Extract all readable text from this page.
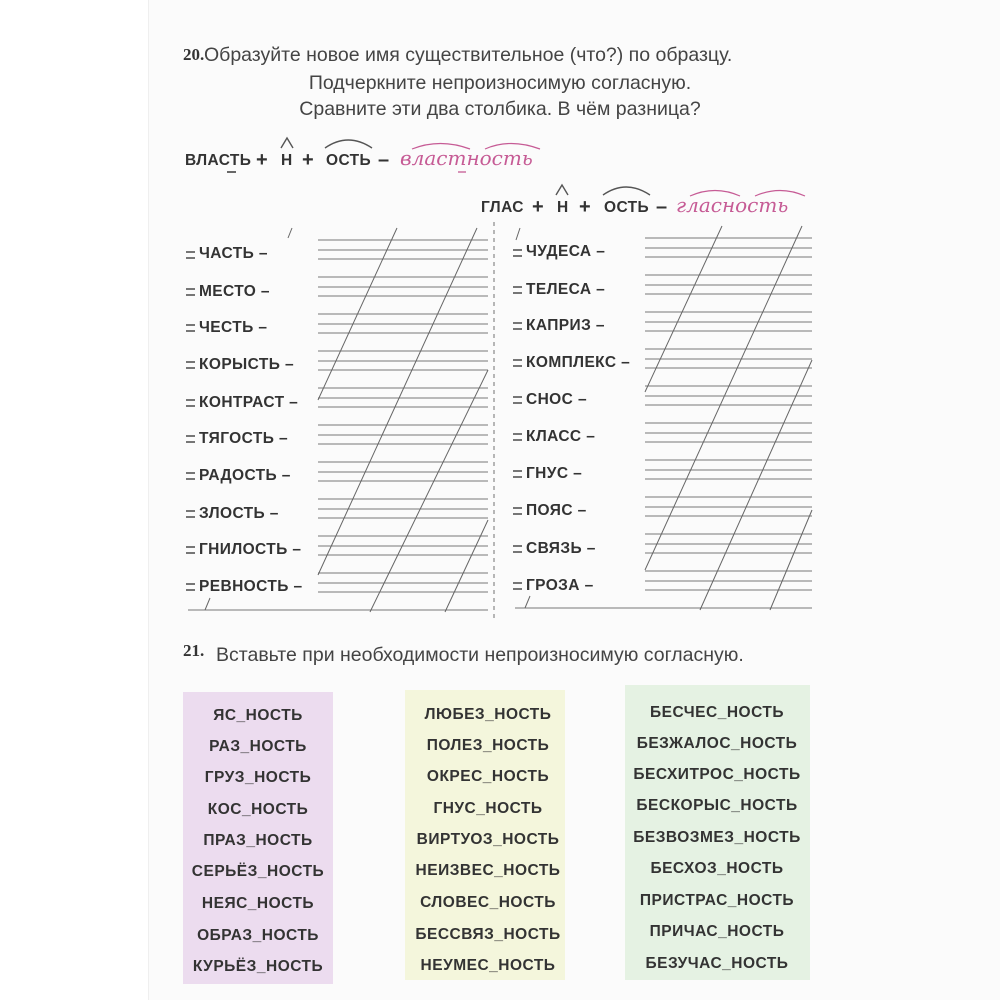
20. Образуйте новое имя существительное (что?) по образцу.
Подчеркните непроизносимую согласную.
Сравните эти два столбика. В чём разница?
ВЛАСТЬ + Н + ОСТЬ – властность
ГЛАС + Н + ОСТЬ – гласность
ЧАСТЬ –
МЕСТО –
ЧЕСТЬ –
КОРЫСТЬ –
КОНТРАСТ –
ТЯГОСТЬ –
РАДОСТЬ –
ЗЛОСТЬ –
ГНИЛОСТЬ –
РЕВНОСТЬ –
ЧУДЕСА –
ТЕЛЕСА –
КАПРИЗ –
КОМПЛЕКС –
СНОС –
КЛАСС –
ГНУС –
ПОЯС –
СВЯЗЬ –
ГРОЗА –
21. Вставьте при необходимости непроизносимую согласную.
ЯС_НОСТЬ
РАЗ_НОСТЬ
ГРУЗ_НОСТЬ
КОС_НОСТЬ
ПРАЗ_НОСТЬ
СЕРЬЁЗ_НОСТЬ
НЕЯС_НОСТЬ
ОБРАЗ_НОСТЬ
КУРЬЁЗ_НОСТЬ
ЛЮБЕЗ_НОСТЬ
ПОЛЕЗ_НОСТЬ
ОКРЕС_НОСТЬ
ГНУС_НОСТЬ
ВИРТУОЗ_НОСТЬ
НЕИЗВЕС_НОСТЬ
СЛОВЕС_НОСТЬ
БЕССВЯЗ_НОСТЬ
НЕУМЕС_НОСТЬ
БЕСЧЕС_НОСТЬ
БЕЗЖАЛОС_НОСТЬ
БЕСХИТРОС_НОСТЬ
БЕСКОРЫС_НОСТЬ
БЕЗВОЗМЕЗ_НОСТЬ
БЕСХОЗ_НОСТЬ
ПРИСТРАС_НОСТЬ
ПРИЧАС_НОСТЬ
БЕЗУЧАС_НОСТЬ
